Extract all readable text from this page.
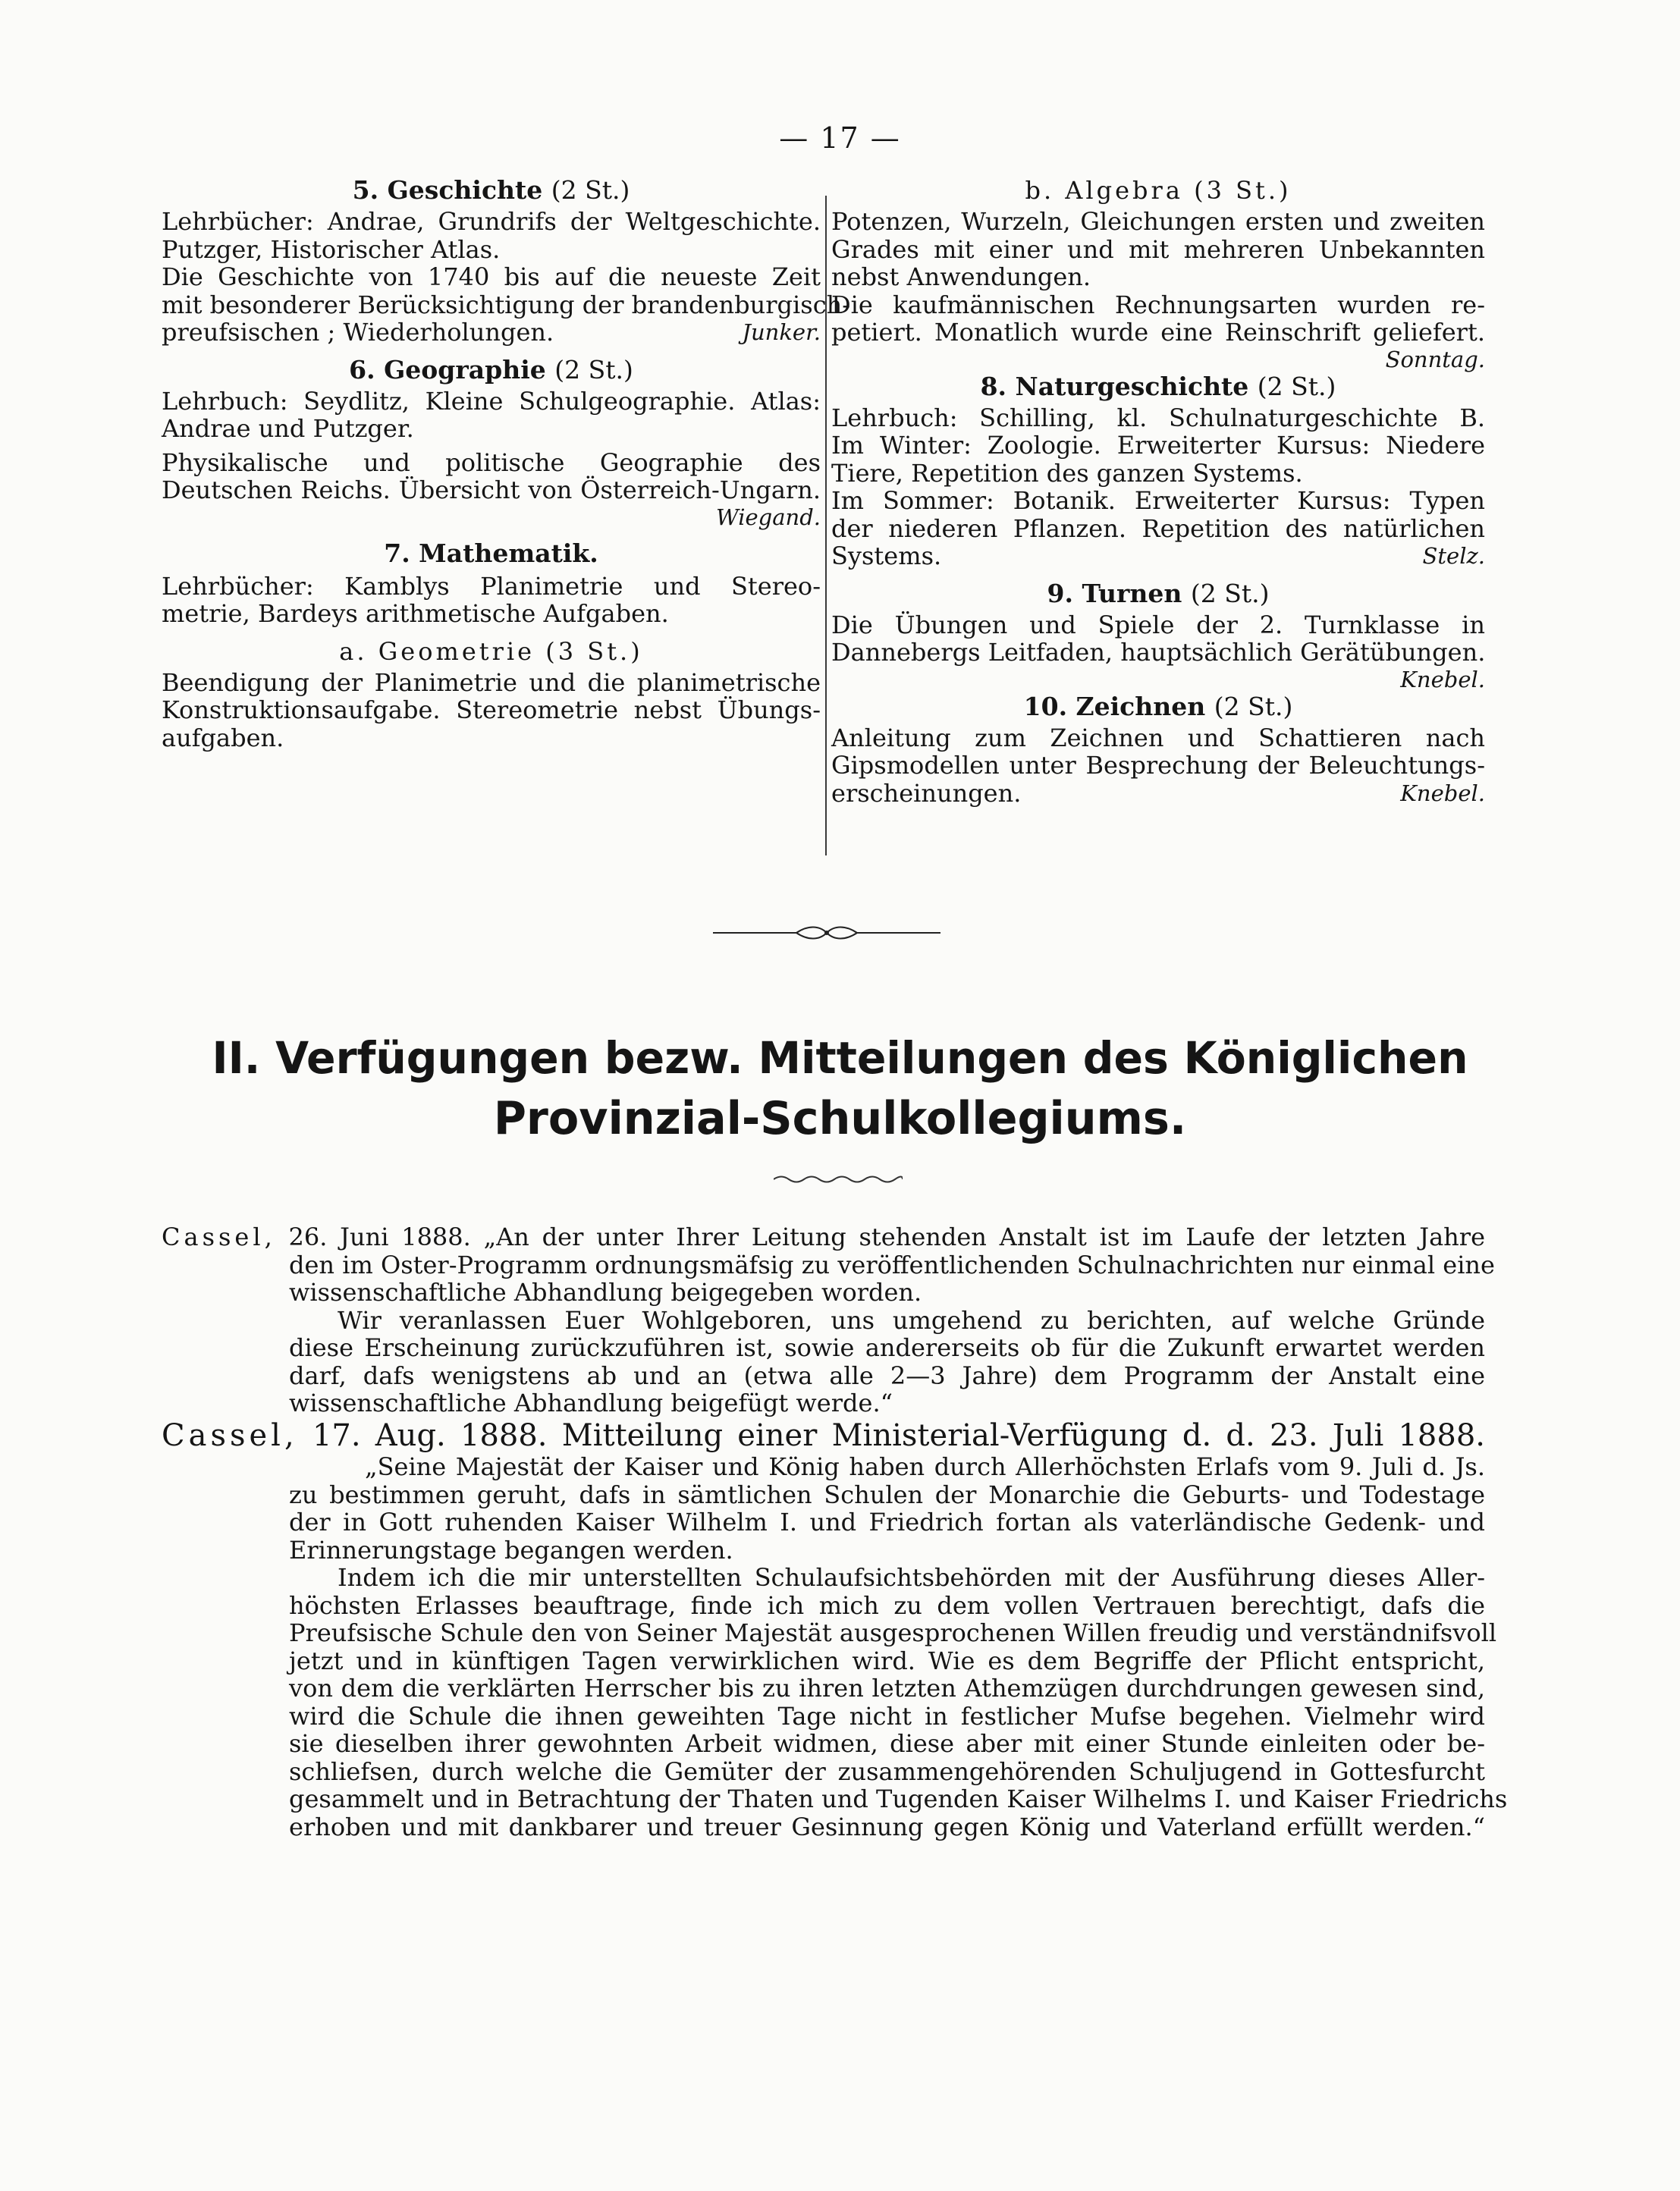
— 17 —
5. Geschichte (2 St.)
Lehrbücher: Andrae, Grundrifs der Weltgeschichte.
Putzger, Historischer Atlas.
Die Geschichte von 1740 bis auf die neueste Zeit
mit besonderer Berücksichtigung der brandenburgisch-
preufsischen ; Wiederholungen.	Junker.
6. Geographie (2 St.)
Lehrbuch: Seydlitz, Kleine Schulgeographie. Atlas:
Andrae und Putzger.
Physikalische und politische Geographie des
Deutschen Reichs. Übersicht von Österreich-Ungarn.
Wiegand.
7. Mathematik.
Lehrbücher: Kamblys Planimetrie und Stereo-
metrie, Bardeys arithmetische Aufgaben.
a. Geometrie (3 St.)
Beendigung der Planimetrie und die planimetrische
Konstruktionsaufgabe. Stereometrie nebst Übungs-
aufgaben.
b. Algebra (3 St.)
Potenzen, Wurzeln, Gleichungen ersten und zweiten
Grades mit einer und mit mehreren Unbekannten
nebst Anwendungen.
Die kaufmännischen Rechnungsarten wurden re-
petiert. Monatlich wurde eine Reinschrift geliefert.
Sonntag.
8. Naturgeschichte (2 St.)
Lehrbuch: Schilling, kl. Schulnaturgeschichte B.
Im Winter: Zoologie. Erweiterter Kursus: Niedere
Tiere, Repetition des ganzen Systems.
Im Sommer: Botanik. Erweiterter Kursus: Typen
der niederen Pflanzen. Repetition des natürlichen
Systems.	Stelz.
9. Turnen (2 St.)
Die Übungen und Spiele der 2. Turnklasse in
Dannebergs Leitfaden, hauptsächlich Gerätübungen.
Knebel.
10. Zeichnen (2 St.)
Anleitung zum Zeichnen und Schattieren nach
Gipsmodellen unter Besprechung der Beleuchtungs-
erscheinungen.	Knebel.
II. Verfügungen bezw. Mitteilungen des Königlichen
Provinzial-Schulkollegiums.
Cassel, 26. Juni 1888. „An der unter Ihrer Leitung stehenden Anstalt ist im Laufe der letzten Jahre
den im Oster-Programm ordnungsmäfsig zu veröffentlichenden Schulnachrichten nur einmal eine
wissenschaftliche Abhandlung beigegeben worden.
Wir veranlassen Euer Wohlgeboren, uns umgehend zu berichten, auf welche Gründe
diese Erscheinung zurückzuführen ist, sowie andererseits ob für die Zukunft erwartet werden
darf, dafs wenigstens ab und an (etwa alle 2—3 Jahre) dem Programm der Anstalt eine
wissenschaftliche Abhandlung beigefügt werde.“
Cassel, 17. Aug. 1888. Mitteilung einer Ministerial-Verfügung d. d. 23. Juli 1888.
„Seine Majestät der Kaiser und König haben durch Allerhöchsten Erlafs vom 9. Juli d. Js.
zu bestimmen geruht, dafs in sämtlichen Schulen der Monarchie die Geburts- und Todestage
der in Gott ruhenden Kaiser Wilhelm I. und Friedrich fortan als vaterländische Gedenk- und
Erinnerungstage begangen werden.
Indem ich die mir unterstellten Schulaufsichtsbehörden mit der Ausführung dieses Aller-
höchsten Erlasses beauftrage, finde ich mich zu dem vollen Vertrauen berechtigt, dafs die
Preufsische Schule den von Seiner Majestät ausgesprochenen Willen freudig und verständnifsvoll
jetzt und in künftigen Tagen verwirklichen wird. Wie es dem Begriffe der Pflicht entspricht,
von dem die verklärten Herrscher bis zu ihren letzten Athemzügen durchdrungen gewesen sind,
wird die Schule die ihnen geweihten Tage nicht in festlicher Mufse begehen. Vielmehr wird
sie dieselben ihrer gewohnten Arbeit widmen, diese aber mit einer Stunde einleiten oder be-
schliefsen, durch welche die Gemüter der zusammengehörenden Schuljugend in Gottesfurcht
gesammelt und in Betrachtung der Thaten und Tugenden Kaiser Wilhelms I. und Kaiser Friedrichs
erhoben und mit dankbarer und treuer Gesinnung gegen König und Vaterland erfüllt werden.“
